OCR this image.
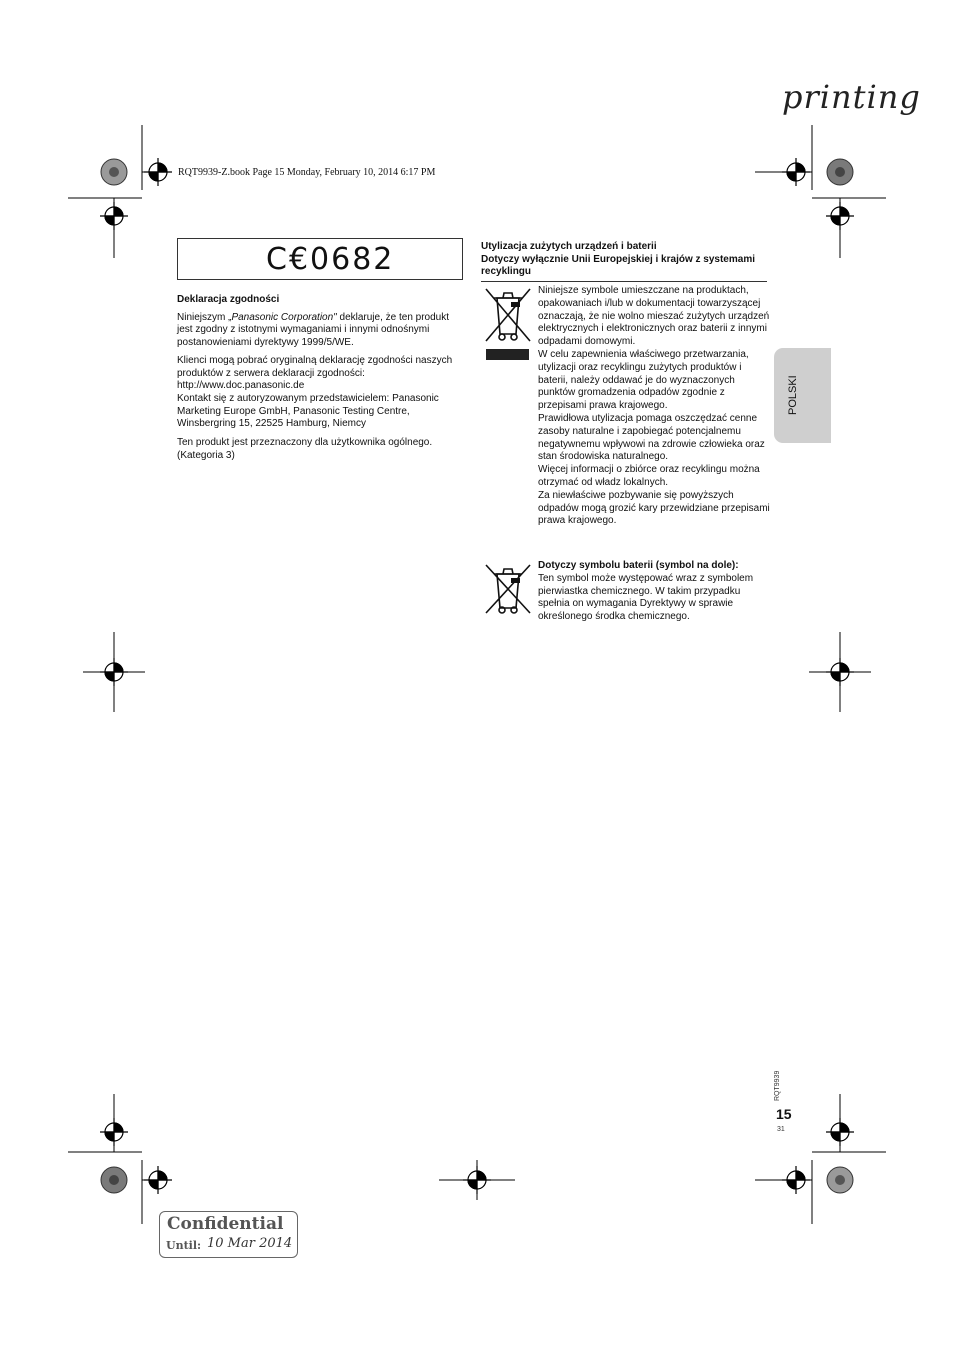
printing
RQT9939-Z.book Page 15 Monday, February 10, 2014 6:17 PM
C€0682

Deklaracja zgodności

Niniejszym „Panasonic Corporation" deklaruje, że ten produkt jest zgodny z istotnymi wymaganiami i innymi odnośnymi postanowieniami dyrektywy 1999/5/WE.

Klienci mogą pobrać oryginalną deklarację zgodności naszych produktów z serwera deklaracji zgodności:
http://www.doc.panasonic.de
Kontakt się z autoryzowanym przedstawicielem: Panasonic Marketing Europe GmbH, Panasonic Testing Centre, Winsbergring 15, 22525 Hamburg, Niemcy

Ten produkt jest przeznaczony dla użytkownika ogólnego. (Kategoria 3)

Utylizacja zużytych urządzeń i baterii
Dotyczy wyłącznie Unii Europejskiej i krajów z systemami recyklingu

Niniejsze symbole umieszczane na produktach, opakowaniach i/lub w dokumentacji towarzyszącej oznaczają, że nie wolno mieszać zużytych urządzeń elektrycznych i elektronicznych oraz baterii z innymi odpadami domowymi.

W celu zapewnienia właściwego przetwarzania, utylizacji oraz recyklingu zużytych produktów i baterii, należy oddawać je do wyznaczonych punktów gromadzenia odpadów zgodnie z przepisami prawa krajowego.

Prawidłowa utylizacja pomaga oszczędzać cenne zasoby naturalne i zapobiegać potencjalnemu negatywnemu wpływowi na zdrowie człowieka oraz stan środowiska naturalnego.

Więcej informacji o zbiórce oraz recyklingu można otrzymać od władz lokalnych.

Za niewłaściwe pozbywanie się powyższych odpadów mogą grozić kary przewidziane przepisami prawa krajowego.

Dotyczy symbolu baterii (symbol na dole):

Ten symbol może występować wraz z symbolem pierwiastka chemicznego. W takim przypadku spełnia on wymagania Dyrektywy w sprawie określonego środka chemicznego.

POLSKI
RQT9939
15
31
Confidential
Until: 10 Mar 2014
